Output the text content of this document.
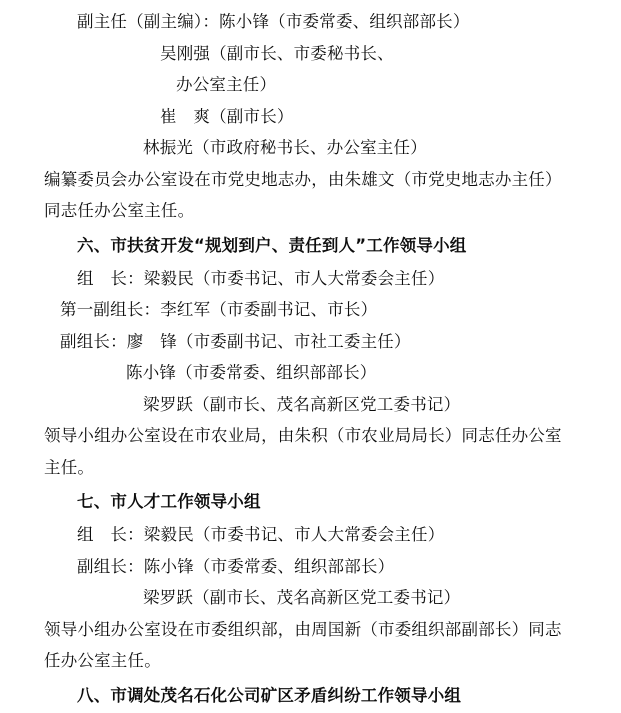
副主任（副主编）：陈小锋（市委常委、组织部部长）
吴刚强（副市长、市委秘书长、
办公室主任）
崔　爽（副市长）
林振光（市政府秘书长、办公室主任）
编纂委员会办公室设在市党史地志办，由朱雄文（市党史地志办主任）同志任办公室主任。
六、市扶贫开发“规划到户、责任到人”工作领导小组
组　长：梁毅民（市委书记、市人大常委会主任）
第一副组长：李红军（市委副书记、市长）
副组长：廖　锋（市委副书记、市社工委主任）
陈小锋（市委常委、组织部部长）
梁罗跃（副市长、茂名高新区党工委书记）
领导小组办公室设在市农业局，由朱积（市农业局局长）同志任办公室主任。
七、市人才工作领导小组
组　长：梁毅民（市委书记、市人大常委会主任）
副组长：陈小锋（市委常委、组织部部长）
梁罗跃（副市长、茂名高新区党工委书记）
领导小组办公室设在市委组织部，由周国新（市委组织部副部长）同志任办公室主任。
八、市调处茂名石化公司矿区矛盾纠纷工作领导小组
